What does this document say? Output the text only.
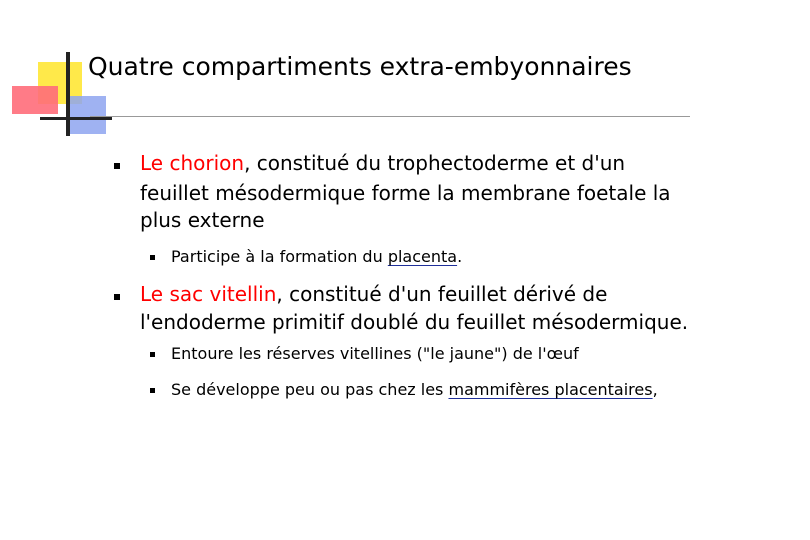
Quatre compartiments extra-embyonnaires
Le chorion, constitué du trophectoderme et d'un
feuillet mésodermique forme la membrane foetale la
plus externe
Participe à la formation du placenta.
Le sac vitellin, constitué d'un feuillet dérivé de
l'endoderme primitif doublé du feuillet mésodermique.
Entoure les réserves vitellines ("le jaune") de l'œuf
Se développe peu ou pas chez les mammifères placentaires,
